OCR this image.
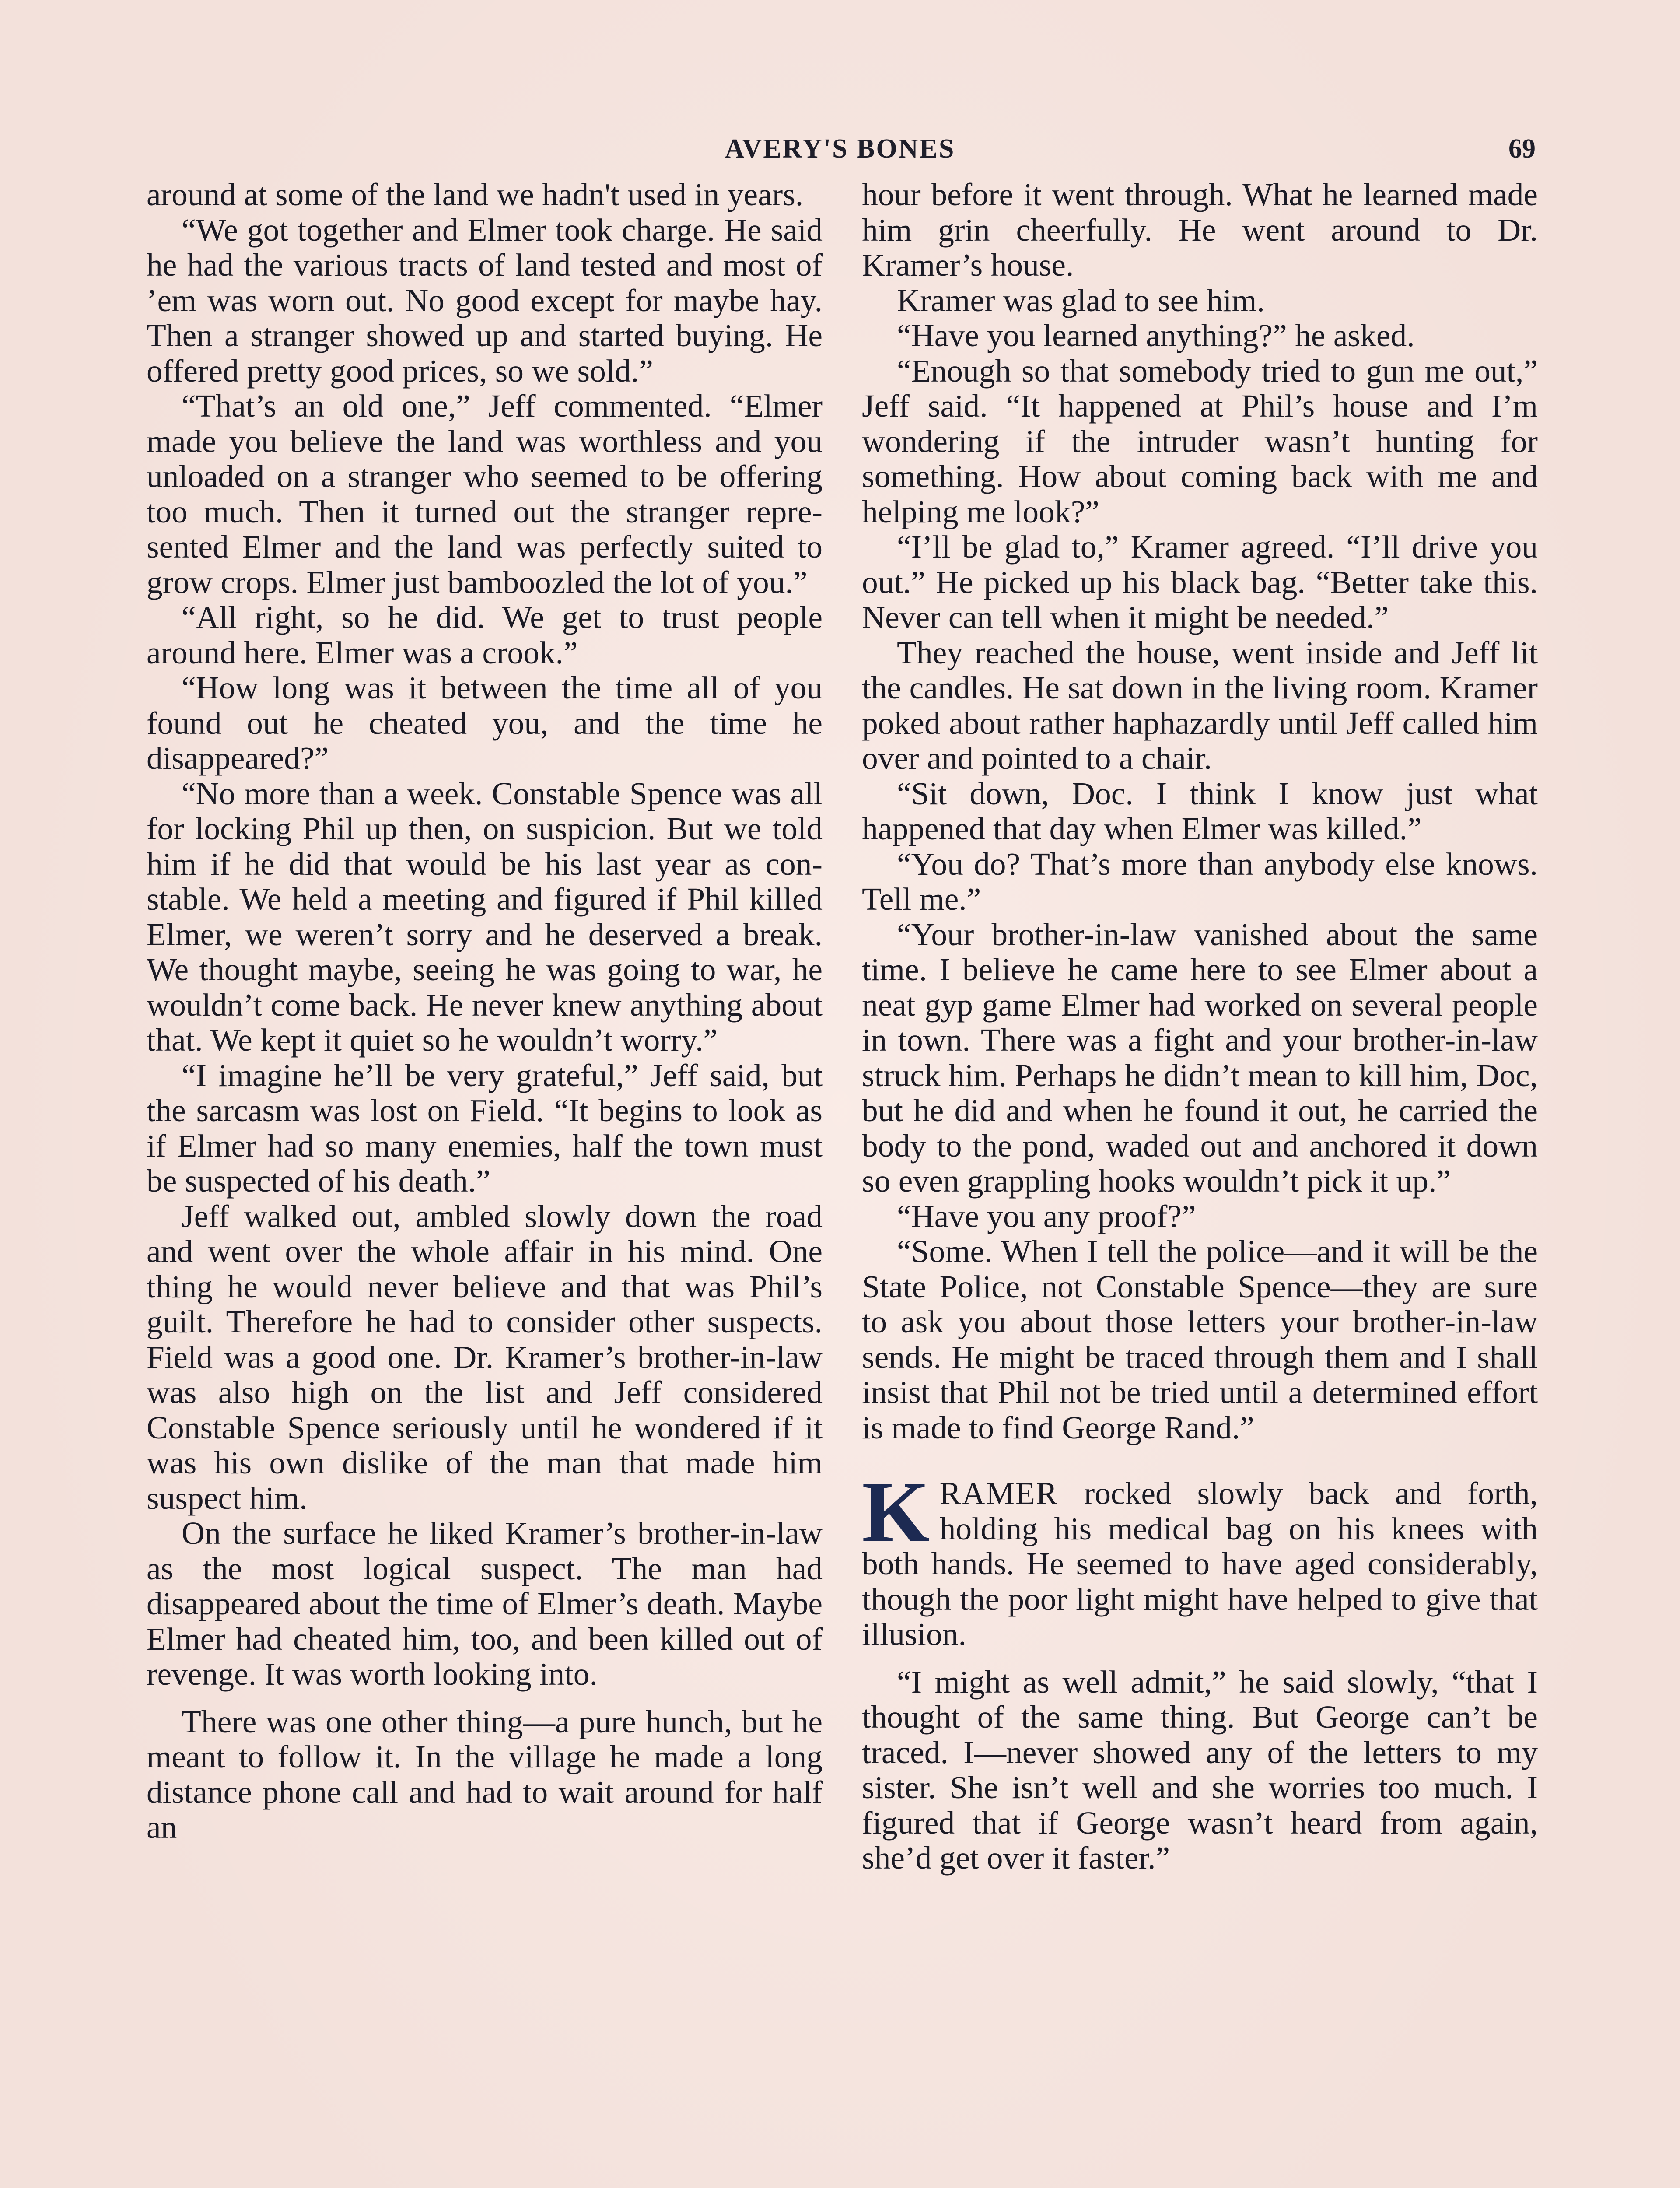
AVERY'S BONES	69

around at some of the land we hadn't used in years.

“We got together and Elmer took charge. He said he had the various tracts of land tested and most of ’em was worn out. No good except for maybe hay. Then a stranger showed up and started buying. He offered pretty good prices, so we sold.”

“That’s an old one,” Jeff commented. “Elmer made you believe the land was worthless and you unloaded on a stranger who seemed to be offering too much. Then it turned out the stranger represented Elmer and the land was perfectly suited to grow crops. Elmer just bamboozled the lot of you.”

“All right, so he did. We get to trust people around here. Elmer was a crook.”

“How long was it between the time all of you found out he cheated you, and the time he disappeared?”

“No more than a week. Constable Spence was all for locking Phil up then, on suspicion. But we told him if he did that would be his last year as constable. We held a meeting and figured if Phil killed Elmer, we weren’t sorry and he deserved a break. We thought maybe, seeing he was going to war, he wouldn’t come back. He never knew anything about that. We kept it quiet so he wouldn’t worry.”

“I imagine he’ll be very grateful,” Jeff said, but the sarcasm was lost on Field. “It begins to look as if Elmer had so many enemies, half the town must be suspected of his death.”

Jeff walked out, ambled slowly down the road and went over the whole affair in his mind. One thing he would never believe and that was Phil’s guilt. Therefore he had to consider other suspects. Field was a good one. Dr. Kramer’s brother-in-law was also high on the list and Jeff considered Constable Spence seriously until he wondered if it was his own dislike of the man that made him suspect him.

On the surface he liked Kramer’s brother-in-law as the most logical suspect. The man had disappeared about the time of Elmer’s death. Maybe Elmer had cheated him, too, and been killed out of revenge. It was worth looking into.

There was one other thing—a pure hunch, but he meant to follow it. In the village he made a long distance phone call and had to wait around for half an

hour before it went through. What he learned made him grin cheerfully. He went around to Dr. Kramer’s house.

Kramer was glad to see him.

“Have you learned anything?” he asked.

“Enough so that somebody tried to gun me out,” Jeff said. “It happened at Phil’s house and I’m wondering if the intruder wasn’t hunting for something. How about coming back with me and helping me look?”

“I’ll be glad to,” Kramer agreed. “I’ll drive you out.” He picked up his black bag. “Better take this. Never can tell when it might be needed.”

They reached the house, went inside and Jeff lit the candles. He sat down in the living room. Kramer poked about rather haphazardly until Jeff called him over and pointed to a chair.

“Sit down, Doc. I think I know just what happened that day when Elmer was killed.”

“You do? That’s more than anybody else knows. Tell me.”

“Your brother-in-law vanished about the same time. I believe he came here to see Elmer about a neat gyp game Elmer had worked on several people in town. There was a fight and your brother-in-law struck him. Perhaps he didn’t mean to kill him, Doc, but he did and when he found it out, he carried the body to the pond, waded out and anchored it down so even grappling hooks wouldn’t pick it up.”

“Have you any proof?”

“Some. When I tell the police—and it will be the State Police, not Constable Spence—they are sure to ask you about those letters your brother-in-law sends. He might be traced through them and I shall insist that Phil not be tried until a determined effort is made to find George Rand.”

KRAMER rocked slowly back and forth, holding his medical bag on his knees with both hands. He seemed to have aged considerably, though the poor light might have helped to give that illusion.

“I might as well admit,” he said slowly, “that I thought of the same thing. But George can’t be traced. I—never showed any of the letters to my sister. She isn’t well and she worries too much. I figured that if George wasn’t heard from again, she’d get over it faster.”
